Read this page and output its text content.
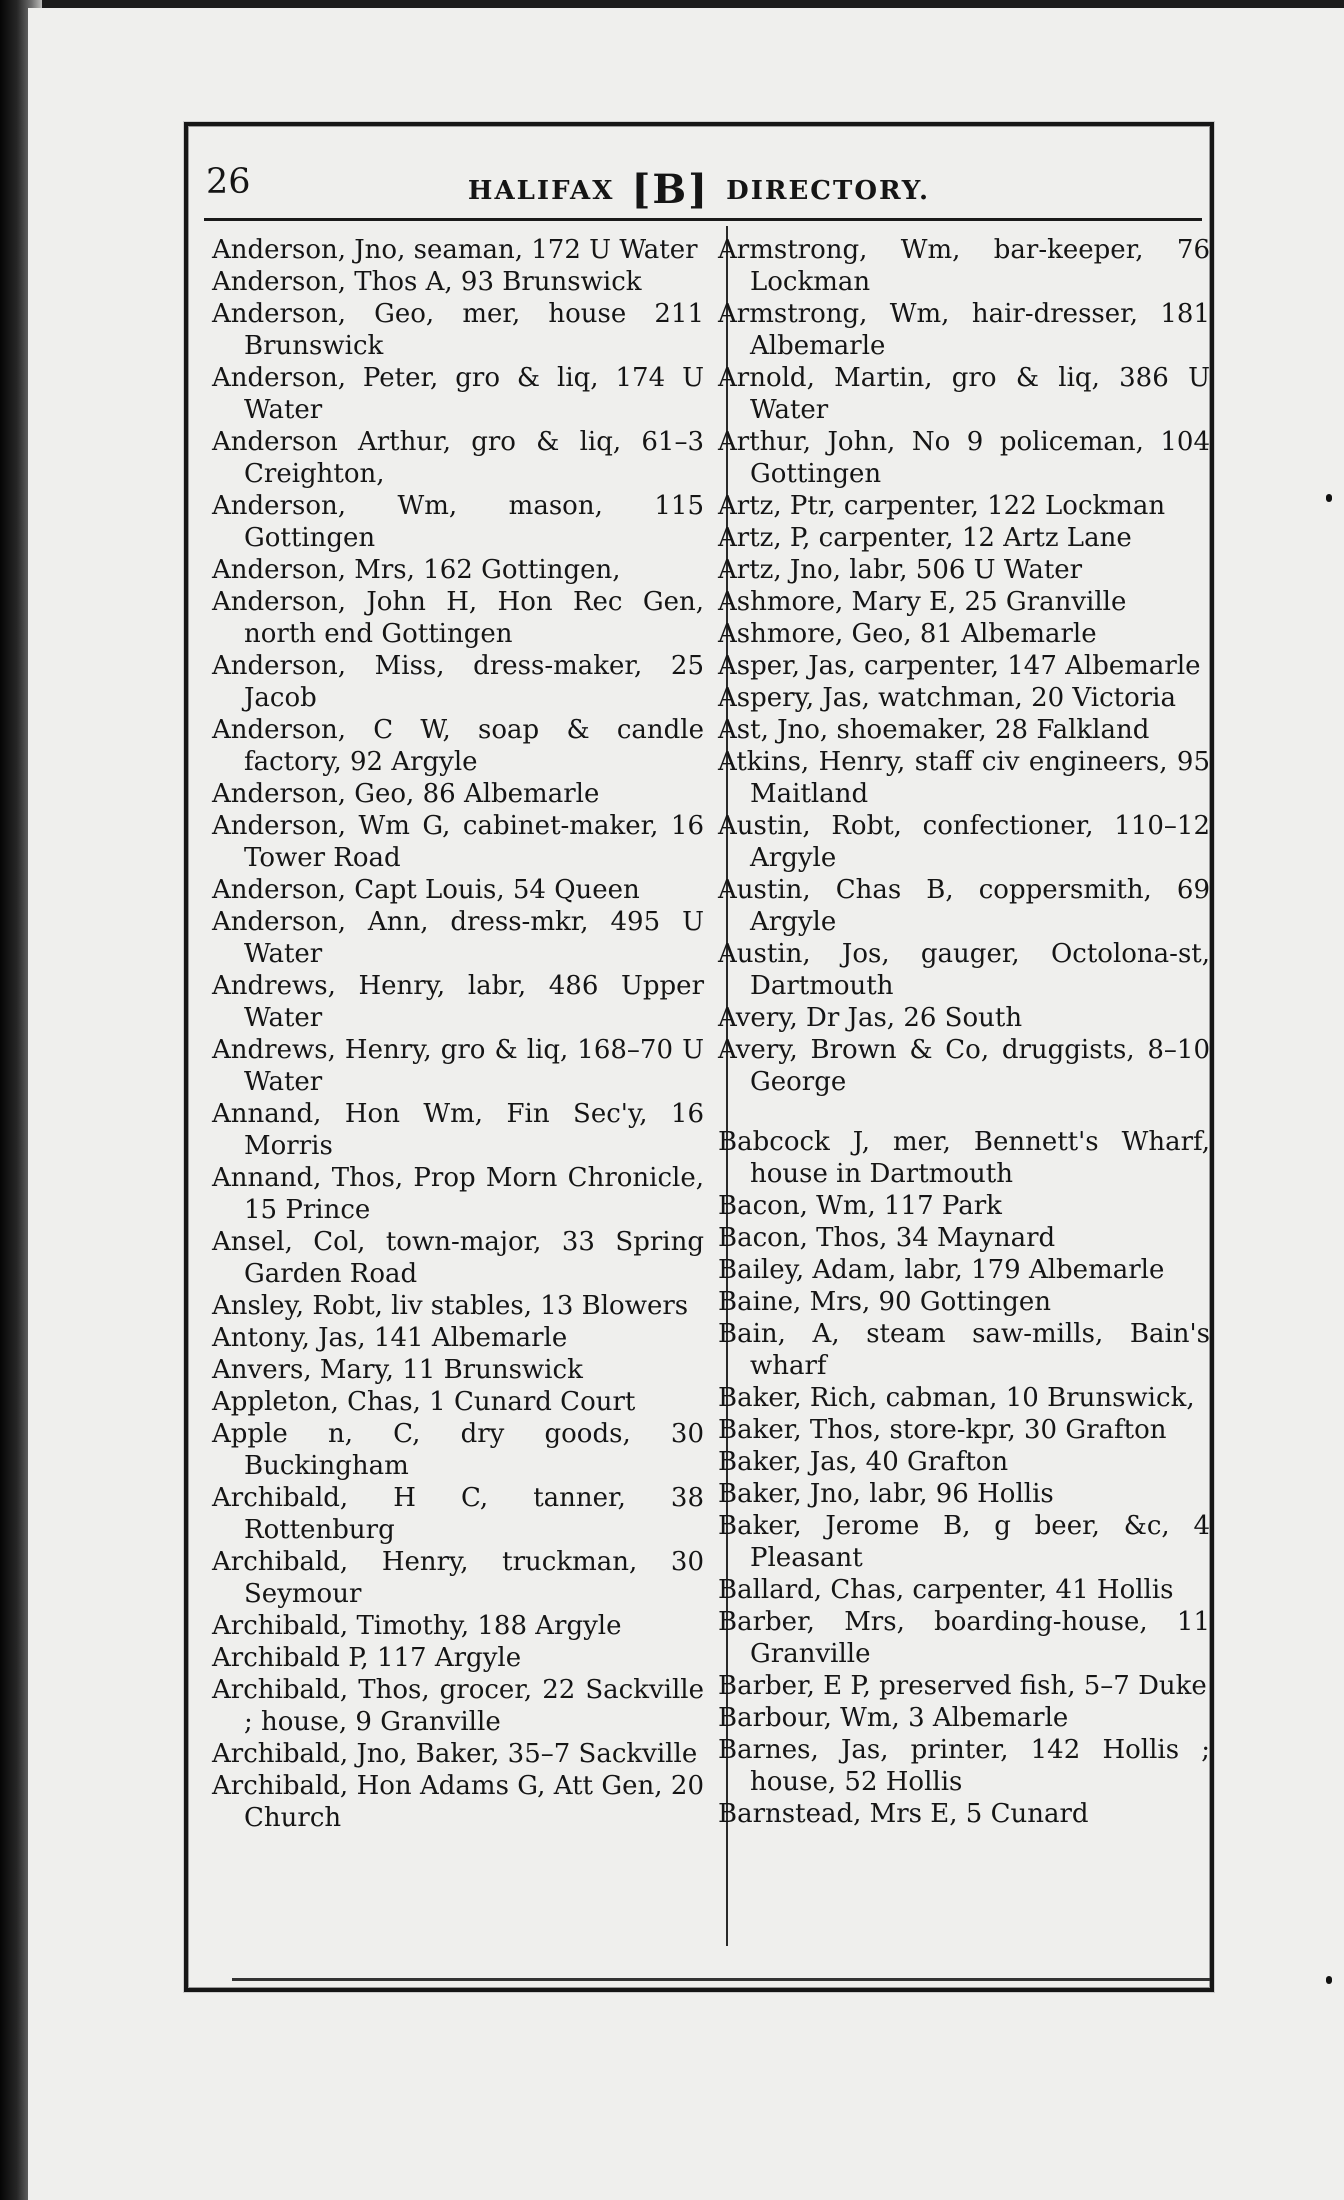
26	HALIFAX [B] DIRECTORY.
Anderson, Jno, seaman, 172 U Water
Anderson, Thos A, 93 Brunswick
Anderson, Geo, mer, house 211 Brunswick
Anderson, Peter, gro & liq, 174 U Water
Anderson Arthur, gro & liq, 61–3 Creighton,
Anderson, Wm, mason, 115 Gottingen
Anderson, Mrs, 162 Gottingen,
Anderson, John H, Hon Rec Gen, north end Gottingen
Anderson, Miss, dress-maker, 25 Jacob
Anderson, C W, soap & candle factory, 92 Argyle
Anderson, Geo, 86 Albemarle
Anderson, Wm G, cabinet-maker, 16 Tower Road
Anderson, Capt Louis, 54 Queen
Anderson, Ann, dress-mkr, 495 U Water
Andrews, Henry, labr, 486 Upper Water
Andrews, Henry, gro & liq, 168–70 U Water
Annand, Hon Wm, Fin Sec'y, 16 Morris
Annand, Thos, Prop Morn Chronicle, 15 Prince
Ansel, Col, town-major, 33 Spring Garden Road
Ansley, Robt, liv stables, 13 Blowers
Antony, Jas, 141 Albemarle
Anvers, Mary, 11 Brunswick
Appleton, Chas, 1 Cunard Court
Apple n, C, dry goods, 30 Buckingham
Archibald, H C, tanner, 38 Rottenburg
Archibald, Henry, truckman, 30 Seymour
Archibald, Timothy, 188 Argyle
Archibald P, 117 Argyle
Archibald, Thos, grocer, 22 Sackville ; house, 9 Granville
Archibald, Jno, Baker, 35–7 Sackville
Archibald, Hon Adams G, Att Gen, 20 Church
Armstrong, Wm, bar-keeper, 76 Lockman
Armstrong, Wm, hair-dresser, 181 Albemarle
Arnold, Martin, gro & liq, 386 U Water
Arthur, John, No 9 policeman, 104 Gottingen
Artz, Ptr, carpenter, 122 Lockman
Artz, P, carpenter, 12 Artz Lane
Artz, Jno, labr, 506 U Water
Ashmore, Mary E, 25 Granville
Ashmore, Geo, 81 Albemarle
Asper, Jas, carpenter, 147 Albemarle
Aspery, Jas, watchman, 20 Victoria
Ast, Jno, shoemaker, 28 Falkland
Atkins, Henry, staff civ engineers, 95 Maitland
Austin, Robt, confectioner, 110–12 Argyle
Austin, Chas B, coppersmith, 69 Argyle
Austin, Jos, gauger, Octolona-st, Dartmouth
Avery, Dr Jas, 26 South
Avery, Brown & Co, druggists, 8–10 George
Babcock J, mer, Bennett's Wharf, house in Dartmouth
Bacon, Wm, 117 Park
Bacon, Thos, 34 Maynard
Bailey, Adam, labr, 179 Albemarle
Baine, Mrs, 90 Gottingen
Bain, A, steam saw-mills, Bain's wharf
Baker, Rich, cabman, 10 Brunswick,
Baker, Thos, store-kpr, 30 Grafton
Baker, Jas, 40 Grafton
Baker, Jno, labr, 96 Hollis
Baker, Jerome B, g beer, &c, 4 Pleasant
Ballard, Chas, carpenter, 41 Hollis
Barber, Mrs, boarding-house, 11 Granville
Barber, E P, preserved fish, 5–7 Duke
Barbour, Wm, 3 Albemarle
Barnes, Jas, printer, 142 Hollis ; house, 52 Hollis
Barnstead, Mrs E, 5 Cunard
